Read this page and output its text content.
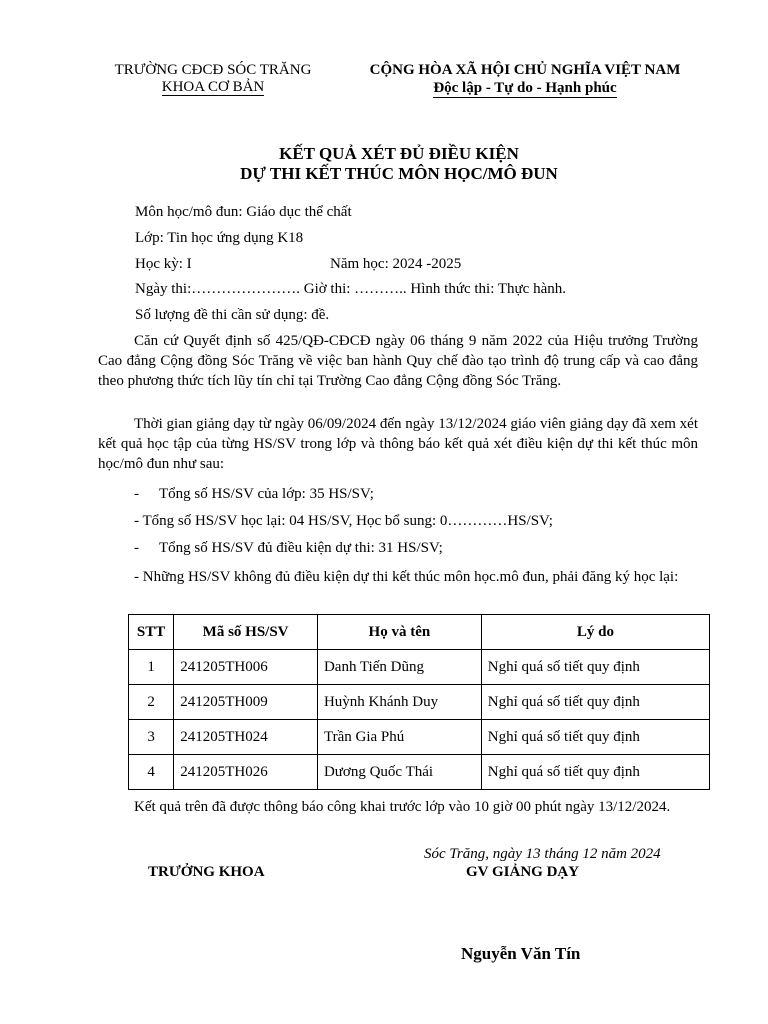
TRƯỜNG CĐCĐ SÓC TRĂNG
KHOA CƠ BẢN
CỘNG HÒA XÃ HỘI CHỦ NGHĨA VIỆT NAM
Độc lập - Tự do - Hạnh phúc
KẾT QUẢ XÉT ĐỦ ĐIỀU KIỆN
DỰ THI KẾT THÚC MÔN HỌC/MÔ ĐUN
Môn học/mô đun: Giáo dục thể chất
Lớp: Tin học ứng dụng K18
Học kỳ: I	Năm học: 2024 -2025
Ngày thi:…………………. Giờ thi: ……….. Hình thức thi: Thực hành.
Số lượng đề thi cần sử dụng: đề.
Căn cứ Quyết định số 425/QĐ-CĐCĐ ngày 06 tháng 9 năm 2022 của Hiệu trưởng Trường Cao đẳng Cộng đồng Sóc Trăng về việc ban hành Quy chế đào tạo trình độ trung cấp và cao đẳng theo phương thức tích lũy tín chỉ tại Trường Cao đẳng Cộng đồng Sóc Trăng.
Thời gian giảng dạy từ ngày 06/09/2024 đến ngày 13/12/2024 giáo viên giảng dạy đã xem xét kết quả học tập của từng HS/SV trong lớp và thông báo kết quả xét điều kiện dự thi kết thúc môn học/mô đun như sau:
- Tổng số HS/SV của lớp: 35 HS/SV;
- Tổng số HS/SV học lại: 04 HS/SV, Học bổ sung: 0…………HS/SV;
- Tổng số HS/SV đủ điều kiện dự thi: 31 HS/SV;
- Những HS/SV không đủ điều kiện dự thi kết thúc môn học.mô đun, phải đăng ký học lại:
STT	Mã số HS/SV	Họ và tên	Lý do
1	241205TH006	Danh Tiến Dũng	Nghỉ quá số tiết quy định
2	241205TH009	Huỳnh Khánh Duy	Nghỉ quá số tiết quy định
3	241205TH024	Trần Gia Phú	Nghỉ quá số tiết quy định
4	241205TH026	Dương Quốc Thái	Nghỉ quá số tiết quy định
Kết quả trên đã được thông báo công khai trước lớp vào 10 giờ 00 phút ngày 13/12/2024.
Sóc Trăng, ngày 13 tháng 12 năm 2024
TRƯỞNG KHOA	GV GIẢNG DẠY
Nguyễn Văn Tín
